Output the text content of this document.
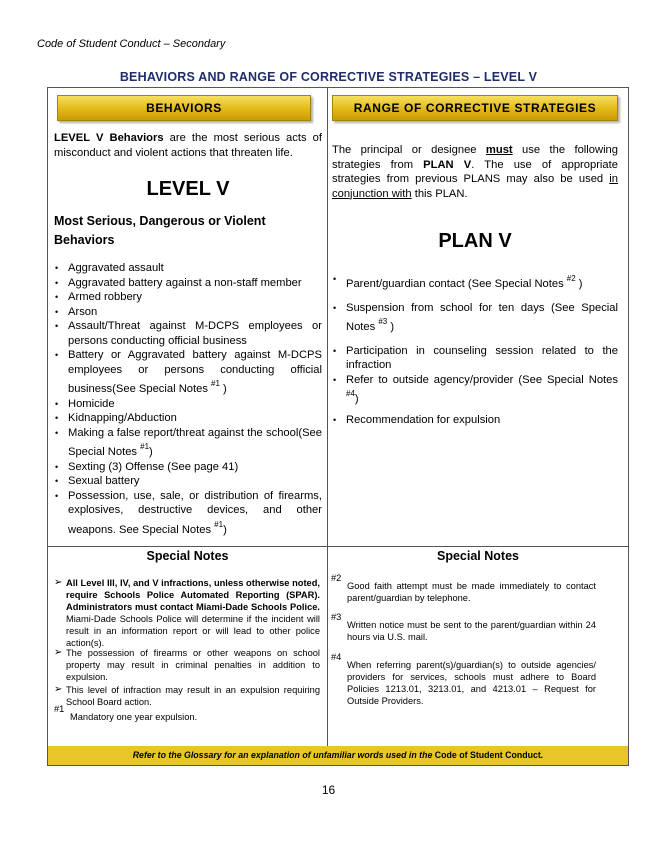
Code of Student Conduct – Secondary
BEHAVIORS AND RANGE OF CORRECTIVE STRATEGIES – LEVEL V
BEHAVIORS
LEVEL V Behaviors are the most serious acts of misconduct and violent actions that threaten life.
LEVEL V
Most Serious, Dangerous or Violent Behaviors
• Aggravated assault
• Aggravated battery against a non-staff member
• Armed robbery
• Arson
• Assault/Threat against M-DCPS employees or persons conducting official business
• Battery or Aggravated battery against M-DCPS employees or persons conducting official business(See Special Notes $^{\#1}$ )
• Homicide
• Kidnapping/Abduction
• Making a false report/threat against the school(See Special Notes $^{\#1}$)
• Sexting (3) Offense (See page 41)
• Sexual battery
• Possession, use, sale, or distribution of firearms, explosives, destructive devices, and other weapons. See Special Notes $^{\#1}$)
RANGE OF CORRECTIVE STRATEGIES
The principal or designee must use the following strategies from PLAN V. The use of appropriate strategies from previous PLANS may also be used in conjunction with this PLAN.
PLAN V
• Parent/guardian contact (See Special Notes $^{\#2}$ )
• Suspension from school for ten days (See Special Notes $^{\#3}$ )
• Participation in counseling session related to the infraction
• Refer to outside agency/provider (See Special Notes $^{\#4}$)
• Recommendation for expulsion
Special Notes	Special Notes
➢ All Level III, IV, and V infractions, unless otherwise noted, require Schools Police Automated Reporting (SPAR). Administrators must contact Miami-Dade Schools Police. Miami-Dade Schools Police will determine if the incident will result in an information report or will lead to other police action(s).
➢ The possession of firearms or other weapons on school property may result in criminal penalties in addition to expulsion.
➢ This level of infraction may result in an expulsion requiring School Board action.
#1
Mandatory one year expulsion.
#2
Good faith attempt must be made immediately to contact parent/guardian by telephone.
#3
Written notice must be sent to the parent/guardian within 24 hours via U.S. mail.
#4
When referring parent(s)/guardian(s) to outside agencies/ providers for services, schools must adhere to Board Policies 1213.01, 3213.01, and 4213.01 – Request for Outside Providers.
Refer to the Glossary for an explanation of unfamiliar words used in the Code of Student Conduct.
16
